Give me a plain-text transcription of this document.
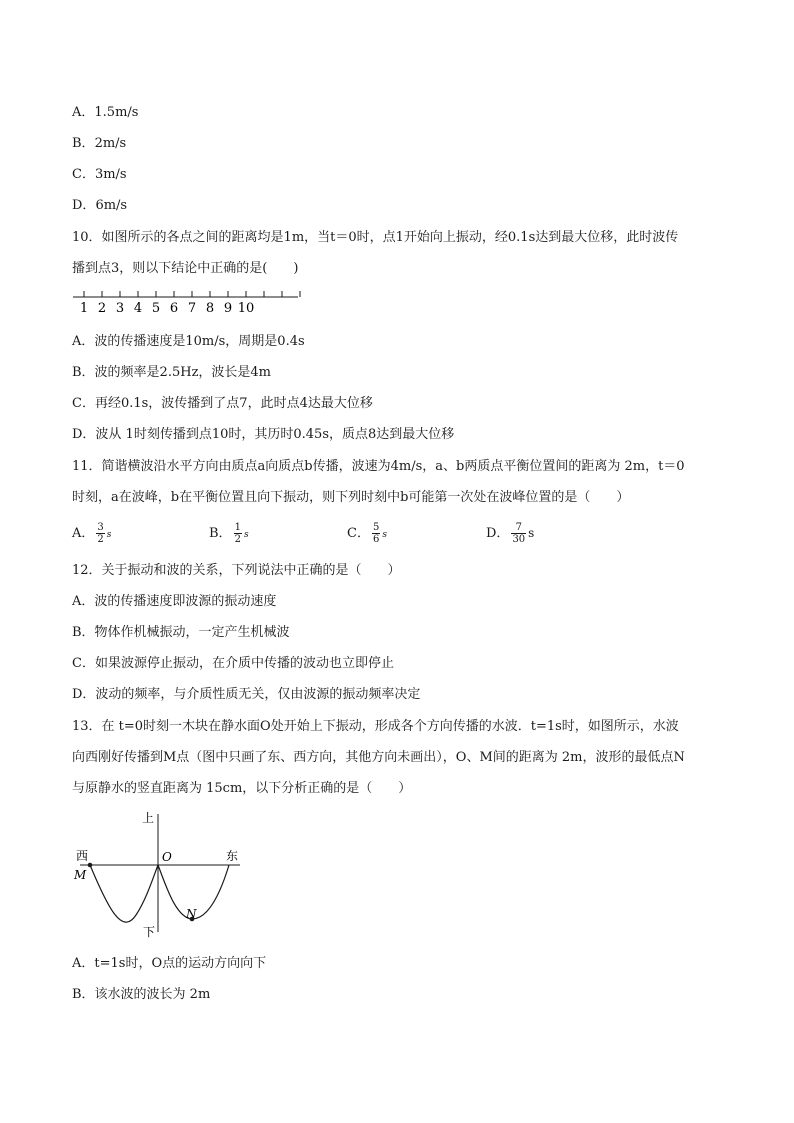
A．1.5m/s
B．2m/s
C．3m/s
D．6m/s
10．如图所示的各点之间的距离均是1m，当t＝0时，点1开始向上振动，经0.1s达到最大位移，此时波传
播到点3，则以下结论中正确的是(　　)
1 2 3 4 5 6 7 8 9 10
A．波的传播速度是10m/s，周期是0.4s
B．波的频率是2.5Hz，波长是4m
C．再经0.1s，波传播到了点7，此时点4达最大位移
D．波从 1时刻传播到点10时，其历时0.45s，质点8达到最大位移
11．简谐横波沿水平方向由质点a向质点b传播，波速为4m/s，a、b两质点平衡位置间的距离为 2m，t＝0
时刻，a在波峰，b在平衡位置且向下振动，则下列时刻中b可能第一次处在波峰位置的是（　　）
A． $\frac{3}{2}$ s	B． $\frac{1}{2}$ s	C． $\frac{5}{6}$ s	D． $\frac{7}{30}$ s
12．关于振动和波的关系，下列说法中正确的是（　　）
A．波的传播速度即波源的振动速度
B．物体作机械振动，一定产生机械波
C．如果波源停止振动，在介质中传播的波动也立即停止
D．波动的频率，与介质性质无关，仅由波源的振动频率决定
13．在 t=0时刻一木块在静水面O处开始上下振动，形成各个方向传播的水波．t=1s时，如图所示，水波
向西刚好传播到M点（图中只画了东、西方向，其他方向未画出），O、M间的距离为 2m，波形的最低点N
与原静水的竖直距离为 15cm，以下分析正确的是（　　）
上
下
西	东
O
M
N
A．t=1s时，O点的运动方向向下
B．该水波的波长为 2m
